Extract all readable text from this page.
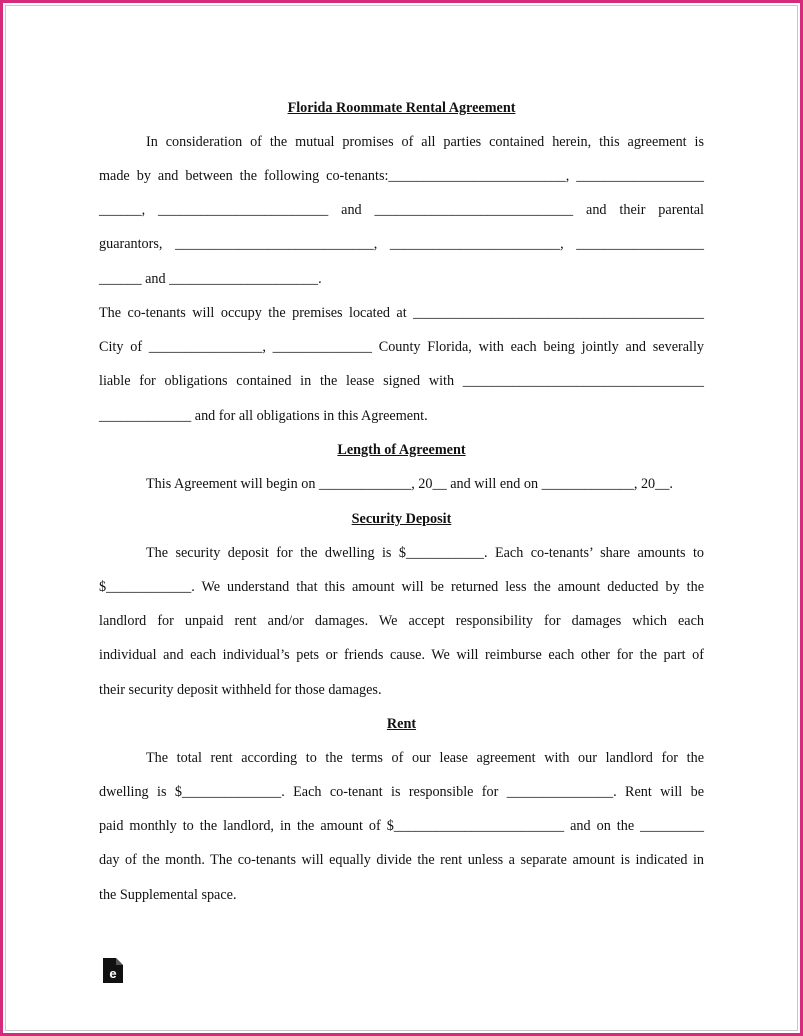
Florida Roommate Rental Agreement
In consideration of the mutual promises of all parties contained herein, this agreement is
made by and between the following co-tenants:_________________________, __________________
______, ________________________ and ____________________________ and their parental
guarantors, ____________________________, ________________________, __________________
______ and _____________________.
The co-tenants will occupy the premises located at _________________________________________
City of ________________, ______________ County Florida, with each being jointly and severally
liable for obligations contained in the lease signed with __________________________________
_____________ and for all obligations in this Agreement.
Length of Agreement
This Agreement will begin on _____________, 20__ and will end on _____________, 20__.
Security Deposit
The security deposit for the dwelling is $___________. Each co-tenants’ share amounts to
$____________. We understand that this amount will be returned less the amount deducted by the
landlord for unpaid rent and/or damages. We accept responsibility for damages which each
individual and each individual’s pets or friends cause. We will reimburse each other for the part of
their security deposit withheld for those damages.
Rent
The total rent according to the terms of our lease agreement with our landlord for the
dwelling is $______________. Each co-tenant is responsible for _______________. Rent will be
paid monthly to the landlord, in the amount of $________________________ and on the _________
day of the month. The co-tenants will equally divide the rent unless a separate amount is indicated in
the Supplemental space.
e
